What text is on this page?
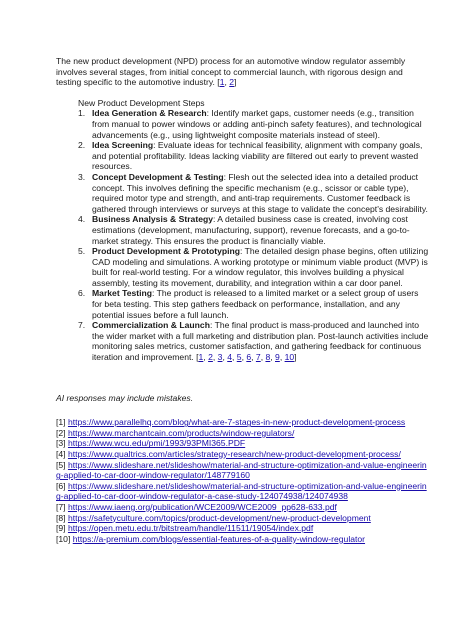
The new product development (NPD) process for an automotive window regulator assembly involves several stages, from initial concept to commercial launch, with rigorous design and testing specific to the automotive industry. [1, 2]

New Product Development Steps
1. Idea Generation & Research: Identify market gaps, customer needs (e.g., transition from manual to power windows or adding anti-pinch safety features), and technological advancements (e.g., using lightweight composite materials instead of steel).
2. Idea Screening: Evaluate ideas for technical feasibility, alignment with company goals, and potential profitability. Ideas lacking viability are filtered out early to prevent wasted resources.
3. Concept Development & Testing: Flesh out the selected idea into a detailed product concept. This involves defining the specific mechanism (e.g., scissor or cable type), required motor type and strength, and anti-trap requirements. Customer feedback is gathered through interviews or surveys at this stage to validate the concept's desirability.
4. Business Analysis & Strategy: A detailed business case is created, involving cost estimations (development, manufacturing, support), revenue forecasts, and a go-to-market strategy. This ensures the product is financially viable.
5. Product Development & Prototyping: The detailed design phase begins, often utilizing CAD modeling and simulations. A working prototype or minimum viable product (MVP) is built for real-world testing. For a window regulator, this involves building a physical assembly, testing its movement, durability, and integration within a car door panel.
6. Market Testing: The product is released to a limited market or a select group of users for beta testing. This step gathers feedback on performance, installation, and any potential issues before a full launch.
7. Commercialization & Launch: The final product is mass-produced and launched into the wider market with a full marketing and distribution plan. Post-launch activities include monitoring sales metrics, customer satisfaction, and gathering feedback for continuous iteration and improvement. [1, 2, 3, 4, 5, 6, 7, 8, 9, 10]
AI responses may include mistakes.
[1] https://www.parallelhq.com/blog/what-are-7-stages-in-new-product-development-process
[2] https://www.marchantcain.com/products/window-regulators/
[3] https://www.wcu.edu/pmi/1993/93PMI365.PDF
[4] https://www.qualtrics.com/articles/strategy-research/new-product-development-process/
[5] https://www.slideshare.net/slideshow/material-and-structure-optimization-and-value-engineering-applied-to-car-door-window-regulator/148779160
[6] https://www.slideshare.net/slideshow/material-and-structure-optimization-and-value-engineering-applied-to-car-door-window-regulator-a-case-study-124074938/124074938
[7] https://www.iaeng.org/publication/WCE2009/WCE2009_pp628-633.pdf
[8] https://safetyculture.com/topics/product-development/new-product-development
[9] https://open.metu.edu.tr/bitstream/handle/11511/19054/index.pdf
[10] https://a-premium.com/blogs/essential-features-of-a-quality-window-regulator
